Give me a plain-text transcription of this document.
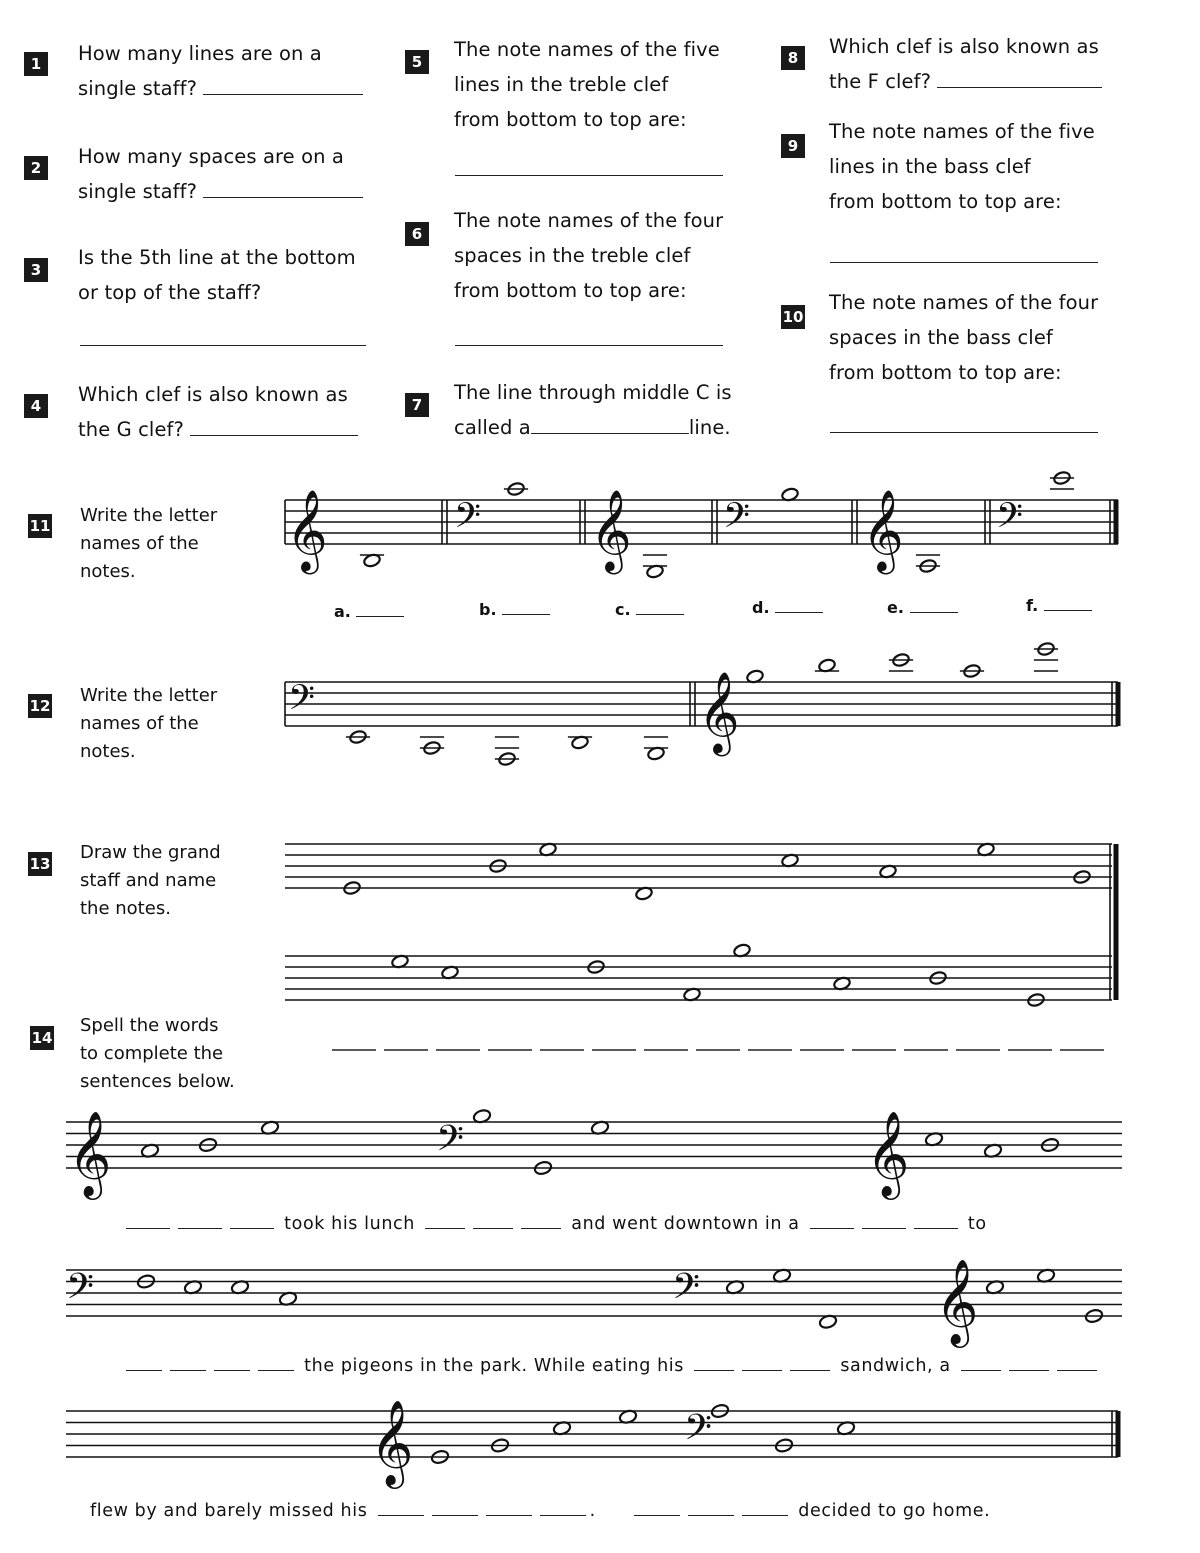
1	How many lines are on a
single staff?
2	How many spaces are on a
single staff?
3
Is the 5th line at the bottom
or top of the staff?
4	Which clef is also known as
the G clef?
5
The note names of the five
lines in the treble clef
from bottom to top are:
6
The note names of the four
spaces in the treble clef
from bottom to top are:
7
The line through middle C is
called a	line.
8	Which clef is also known as
the F clef?
9
The note names of the five
lines in the bass clef
from bottom to top are:
10
The note names of the four
spaces in the bass clef
from bottom to top are:
11 Write the letter
names of the
notes.
12 Write the letter
names of the
notes.
13
Draw the grand
staff and name
the notes.
14
Spell the words
to complete the
sentences below.
a.	b.	c.	d.	e.	f.
took his lunch	and went downtown in a	to
the pigeons in the park. While eating his	sandwich, a
flew by and barely missed his	.	decided to go home.
𝄞	𝄢 𝄞 𝄢 𝄞 𝄢
𝄢	𝄞
𝄞	𝄢	𝄞
𝄢	𝄢	𝄞
𝄞	𝄢
